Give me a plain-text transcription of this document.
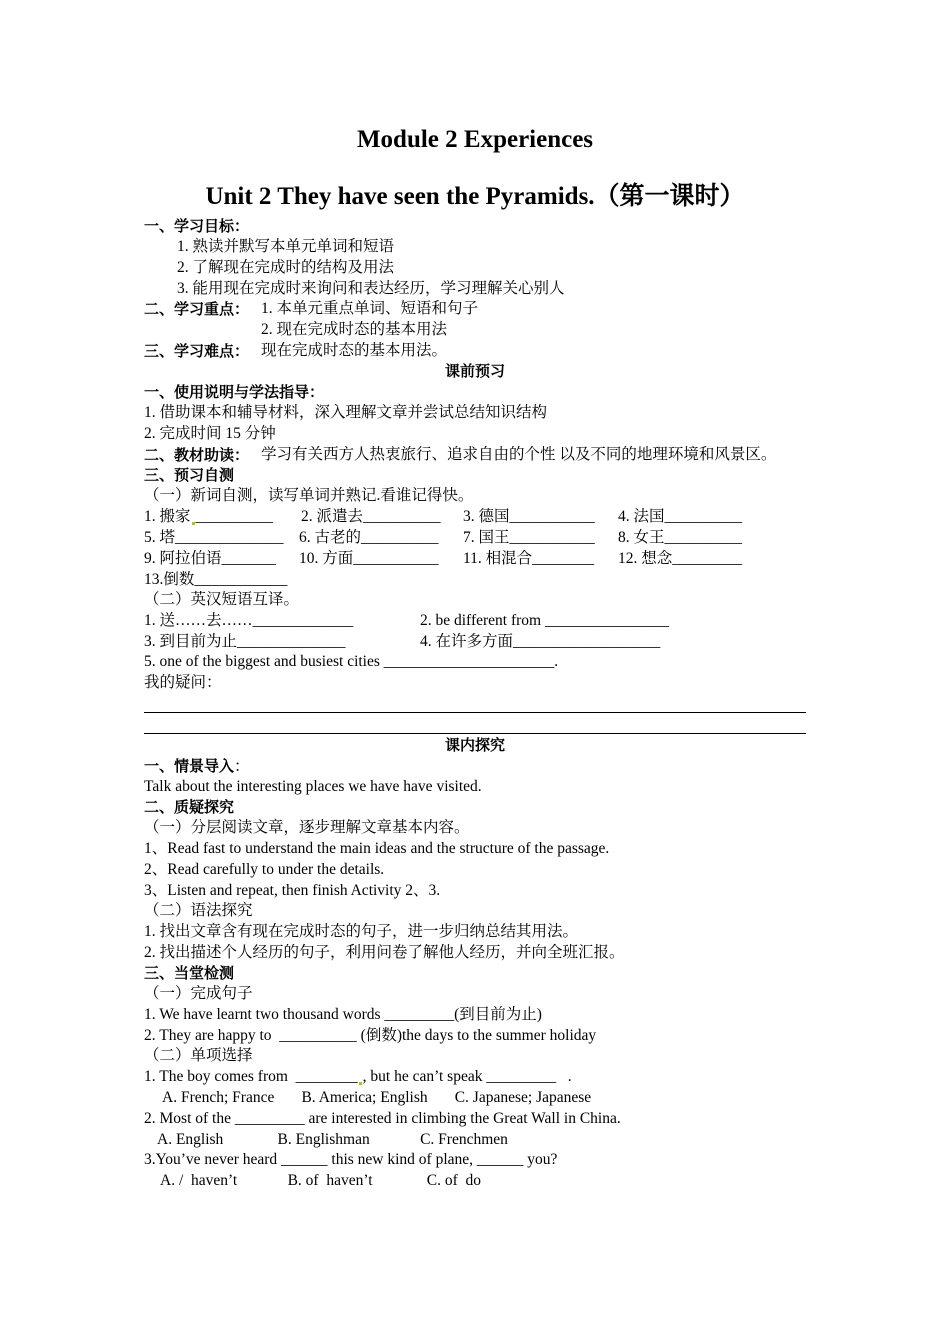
Module 2 Experiences
Unit 2 They have seen the Pyramids.（第一课时）
一、学习目标：
1. 熟读并默写本单元单词和短语
2. 了解现在完成时的结构及用法
3. 能用现在完成时来询问和表达经历，学习理解关心别人
二、学习重点： 1. 本单元重点单词、短语和句子
2. 现在完成时态的基本用法
三、学习难点： 现在完成时态的基本用法。
课前预习
一、使用说明与学法指导：
1. 借助课本和辅导材料，深入理解文章并尝试总结知识结构
2. 完成时间 15 分钟
二、教材助读： 学习有关西方人热衷旅行、追求自由的个性 以及不同的地理环境和风景区。
三、预习自测
（一）新词自测，读写单词并熟记.看谁记得快。
1. 搬家 __________ 2. 派遣去__________ 3. 德国___________ 4. 法国__________
5. 塔______________ 6. 古老的__________ 7. 国王___________ 8. 女王__________
9. 阿拉伯语_______ 10. 方面___________ 11. 相混合________ 12. 想念_________
13.倒数____________
（二）英汉短语互译。
1. 送……去……_____________	2. be different from ________________
3. 到目前为止______________	4. 在许多方面___________________
5. one of the biggest and busiest cities ______________________.
我的疑问：
课内探究
一、情景导入：
Talk about the interesting places we have have visited.
二、质疑探究
（一）分层阅读文章，逐步理解文章基本内容。
1、Read fast to understand the main ideas and the structure of the passage.
2、Read carefully to under the details.
3、Listen and repeat, then finish Activity 2、3.
（二）语法探究
1. 找出文章含有现在完成时态的句子，进一步归纳总结其用法。
2. 找出描述个人经历的句子，利用问卷了解他人经历，并向全班汇报。
三、当堂检测
（一）完成句子
1. We have learnt two thousand words _________(到目前为止)
2. They are happy to  __________ (倒数)the days to the summer holiday
（二）单项选择
1. The boy comes from  ________ , but he can’t speak _________   .
A. French; France       B. America; English       C. Japanese; Japanese
2. Most of the _________ are interested in climbing the Great Wall in China.
A. English              B. Englishman             C. Frenchmen
3.You’ve never heard ______ this new kind of plane, ______ you?
A. /  haven’t             B. of  haven’t              C. of  do
